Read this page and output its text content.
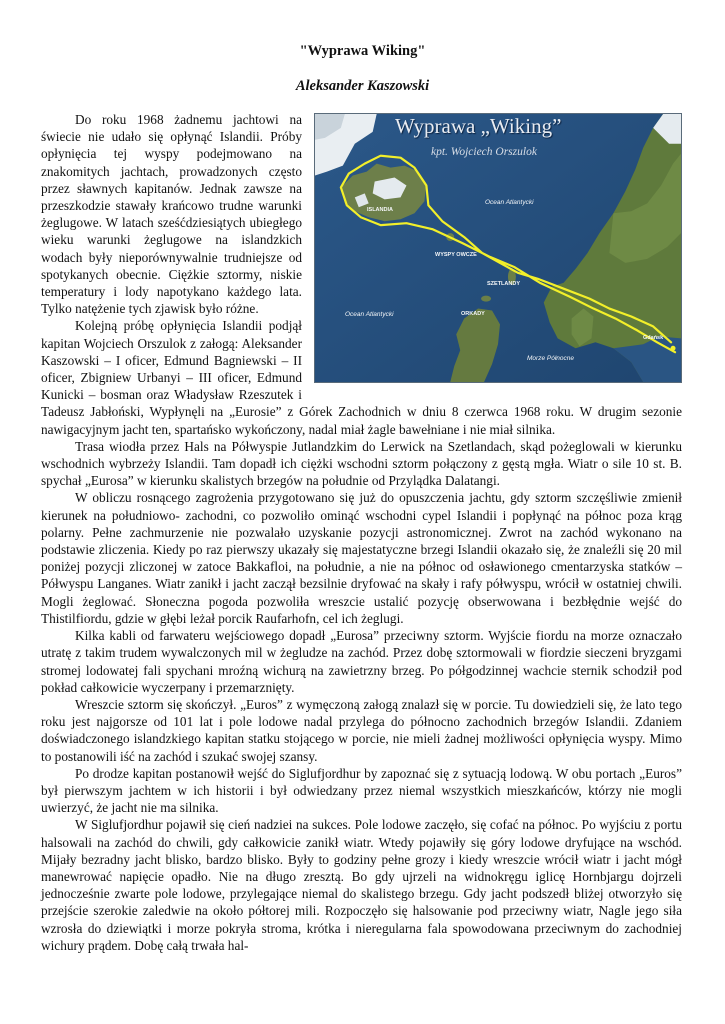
"Wyprawa Wiking"
Aleksander Kaszowski
Wyprawa „Wiking”
kpt. Wojciech Orszulok
ISLANDIA
Ocean Atlantycki
WYSPY OWCZE
SZETLANDY
ORKADY
Ocean Atlantycki
Morze Północne
Gdańsk

Do roku 1968 żadnemu jachtowi na świecie nie udało się opłynąć Islandii. Próby opłynięcia tej wyspy podejmowano na znakomitych jachtach, prowadzonych często przez sławnych kapitanów. Jednak zawsze na przeszkodzie stawały krańcowo trudne warunki żeglugowe. W latach sześćdziesiątych ubiegłego wieku warunki żeglugowe na islandzkich wodach były nieporównywalnie trudniejsze od spotykanych obecnie. Ciężkie sztormy, niskie temperatury i lody napotykano każdego lata. Tylko natężenie tych zjawisk było różne.

Kolejną próbę opłynięcia Islandii podjął kapitan Wojciech Orszulok z załogą: Aleksander Kaszowski – I oficer, Edmund Bagniewski – II oficer, Zbigniew Urbanyi – III oficer, Edmund Kunicki – bosman oraz Władysław Rzeszutek i Tadeusz Jabłoński, Wypłynęli na „Eurosie” z Górek Zachodnich w dniu 8 czerwca 1968 roku. W drugim sezonie nawigacyjnym jacht ten, spartańsko wykończony, nadal miał żagle bawełniane i nie miał silnika.

Trasa wiodła przez Hals na Półwyspie Jutlandzkim do Lerwick na Szetlandach, skąd pożeglowali w kierunku wschodnich wybrzeży Islandii. Tam dopadł ich ciężki wschodni sztorm połączony z gęstą mgła. Wiatr o sile 10 st. B. spychał „Eurosa” w kierunku skalistych brzegów na południe od Przylądka Dalatangi.

W obliczu rosnącego zagrożenia przygotowano się już do opuszczenia jachtu, gdy sztorm szczęśliwie zmienił kierunek na południowo- zachodni, co pozwoliło ominąć wschodni cypel Islandii i popłynąć na północ poza krąg polarny. Pełne zachmurzenie nie pozwalało uzyskanie pozycji astronomicznej. Zwrot na zachód wykonano na podstawie zliczenia. Kiedy po raz pierwszy ukazały się majestatyczne brzegi Islandii okazało się, że znaleźli się 20 mil poniżej pozycji zliczonej w zatoce Bakkafloi, na południe, a nie na północ od osławionego cmentarzyska statków – Półwyspu Langanes. Wiatr zanikł i jacht zaczął bezsilnie dryfować na skały i rafy półwyspu, wrócił w ostatniej chwili. Mogli żeglować. Słoneczna pogoda pozwoliła wreszcie ustalić pozycję obserwowana i bezbłędnie wejść do Thistilfiordu, gdzie w głębi leżał porcik Raufarhofn, cel ich żeglugi.

Kilka kabli od farwateru wejściowego dopadł „Eurosa” przeciwny sztorm. Wyjście fiordu na morze oznaczało utratę z takim trudem wywalczonych mil w żegludze na zachód. Przez dobę sztormowali w fiordzie sieczeni bryzgami stromej lodowatej fali spychani mroźną wichurą na zawietrzny brzeg. Po półgodzinnej wachcie sternik schodził pod pokład całkowicie wyczerpany i przemarznięty.

Wreszcie sztorm się skończył. „Euros” z wymęczoną załogą znalazł się w porcie. Tu dowiedzieli się, że lato tego roku jest najgorsze od 101 lat i pole lodowe nadal przylega do północno zachodnich brzegów Islandii. Zdaniem doświadczonego islandzkiego kapitan statku stojącego w porcie, nie mieli żadnej możliwości opłynięcia wyspy. Mimo to postanowili iść na zachód i szukać swojej szansy.

Po drodze kapitan postanowił wejść do Siglufjordhur by zapoznać się z sytuacją lodową. W obu portach „Euros” był pierwszym jachtem w ich historii i był odwiedzany przez niemal wszystkich mieszkańców, którzy nie mogli uwierzyć, że jacht nie ma silnika.

W Siglufjordhur pojawił się cień nadziei na sukces. Pole lodowe zaczęło, się cofać na północ. Po wyjściu z portu halsowali na zachód do chwili, gdy całkowicie zanikł wiatr. Wtedy pojawiły się góry lodowe dryfujące na wschód. Mijały bezradny jacht blisko, bardzo blisko. Były to godziny pełne grozy i kiedy wreszcie wrócił wiatr i jacht mógł manewrować napięcie opadło. Nie na długo zresztą. Bo gdy ujrzeli na widnokręgu iglicę Hornbjargu dojrzeli jednocześnie zwarte pole lodowe, przylegające niemal do skalistego brzegu. Gdy jacht podszedł bliżej otworzyło się przejście szerokie zaledwie na około półtorej mili. Rozpoczęło się halsowanie pod przeciwny wiatr, Nagle jego siła wzrosła do dziewiątki i morze pokryła stroma, krótka i nieregularna fala spowodowana przeciwnym do zachodniej wichury prądem. Dobę całą trwała hal-
